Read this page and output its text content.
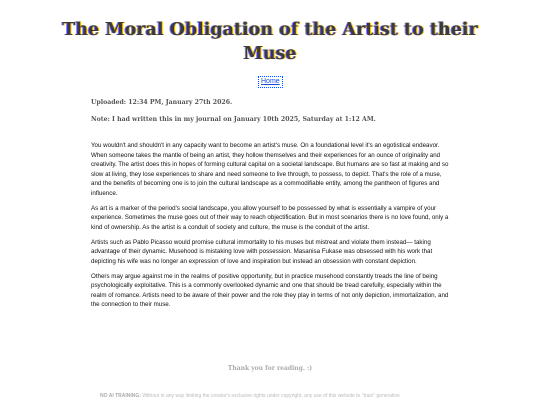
The Moral Obligation of the Artist to their Muse
Home
Uploaded: 12:34 PM, January 27th 2026.
Note: I had written this in my journal on January 10th 2025, Saturday at 1:12 AM.

You wouldn't and shouldn't in any capacity want to become an artist's muse. On a foundational level it's an egotistical endeavor. When someone takes the mantle of being an artist, they hollow themselves and their experiences for an ounce of originality and creativity. The artist does this in hopes of forming cultural capital on a societal landscape. But humans are so fast at making and so slow at living, they lose experiences to share and need someone to live through, to possess, to depict. That's the role of a muse, and the benefits of becoming one is to join the cultural landscape as a commodifiable entity, among the pantheon of figures and influence.

As art is a marker of the period's social landscape, you allow yourself to be possessed by what is essentially a vampire of your experience. Sometimes the muse goes out of their way to reach objectification. But in most scenarios there is no love found, only a kind of ownership. As the artist is a conduit of society and culture, the muse is the conduit of the artist.

Artists such as Pablo Picasso would promise cultural immortality to his muses but mistreat and violate them instead— taking advantage of their dynamic. Musehood is mistaking love with possession. Masanisa Fukase was obsessed with his work that depicting his wife was no longer an expression of love and inspiration but instead an obsession with constant depiction.

Others may argue against me in the realms of positive opportunity, but in practice musehood constantly treads the line of being psychologically exploitative. This is a commonly overlooked dynamic and one that should be tread carefully, especially within the realm of romance. Artists need to be aware of their power and the role they play in terms of not only depiction, immortalization, and the connection to their muse.

Thank you for reading. :)
NO AI TRAINING: Without in any way limiting the creator's exclusive rights under copyright, any use of this website to "train" generative
